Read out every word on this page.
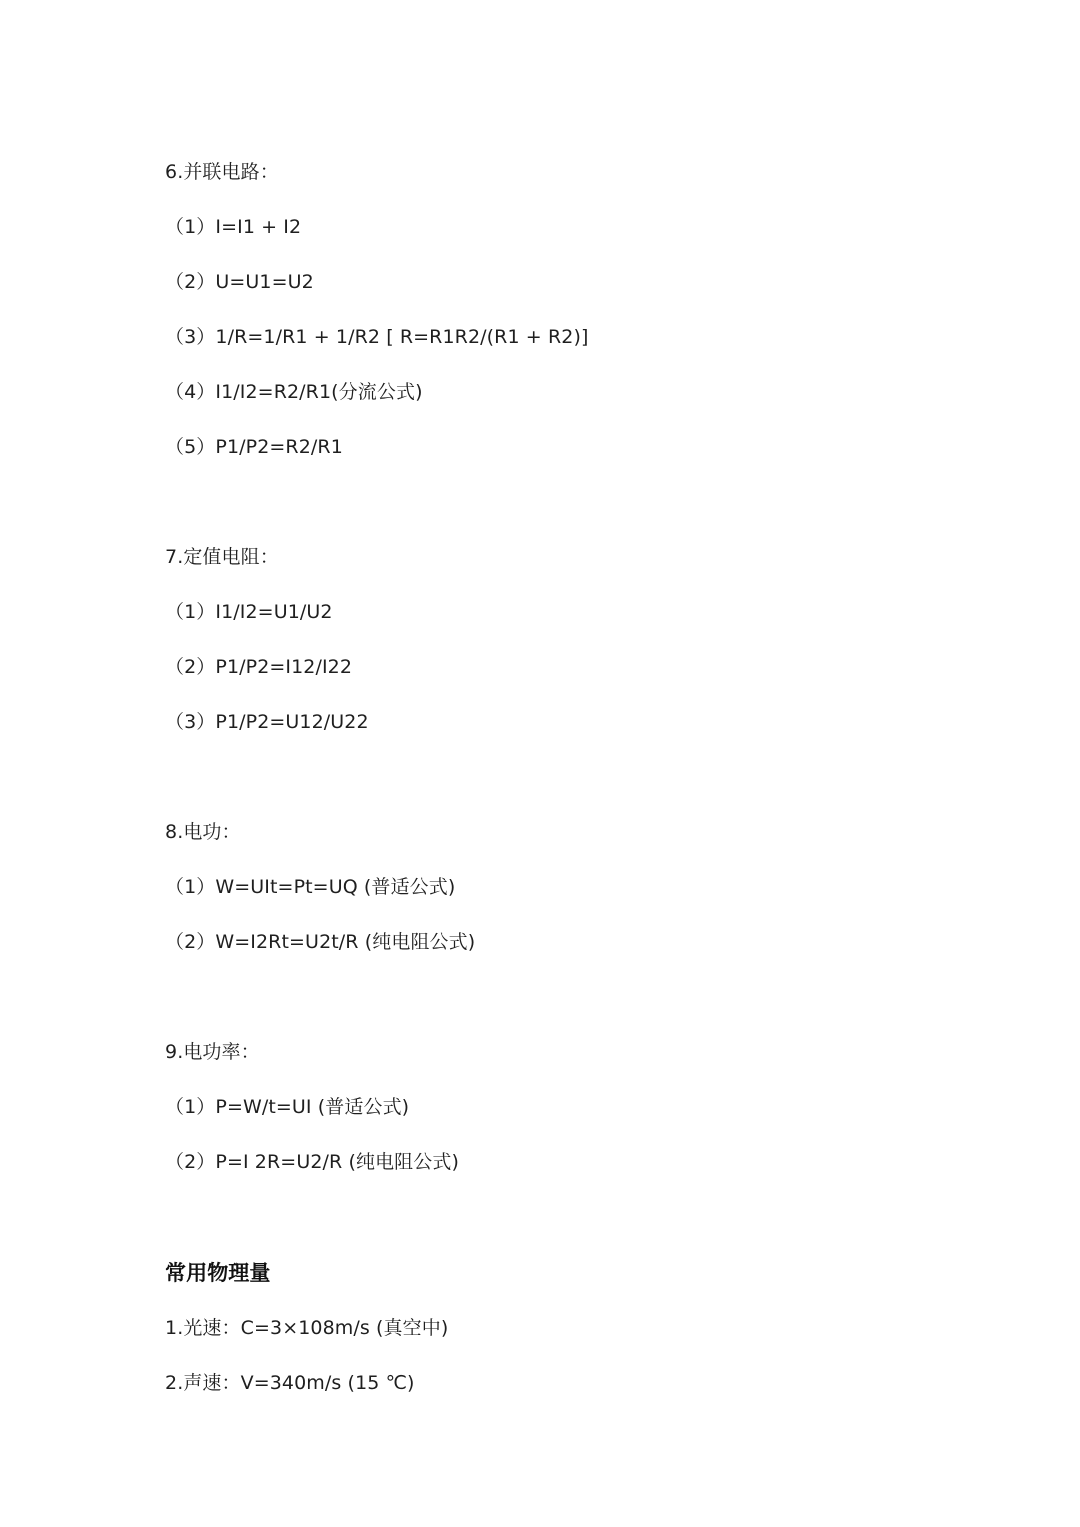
6.并联电路：
（1）I=I1 + I2
（2）U=U1=U2
（3）1/R=1/R1 + 1/R2 [ R=R1R2/(R1 + R2)]
（4）I1/I2=R2/R1(分流公式)
（5）P1/P2=R2/R1
7.定值电阻：
（1）I1/I2=U1/U2
（2）P1/P2=I12/I22
（3）P1/P2=U12/U22
8.电功：
（1）W=UIt=Pt=UQ (普适公式)
（2）W=I2Rt=U2t/R (纯电阻公式)
9.电功率：
（1）P=W/t=UI (普适公式)
（2）P=I 2R=U2/R (纯电阻公式)
常用物理量
1.光速：C=3×108m/s (真空中)
2.声速：V=340m/s (15 ℃)
